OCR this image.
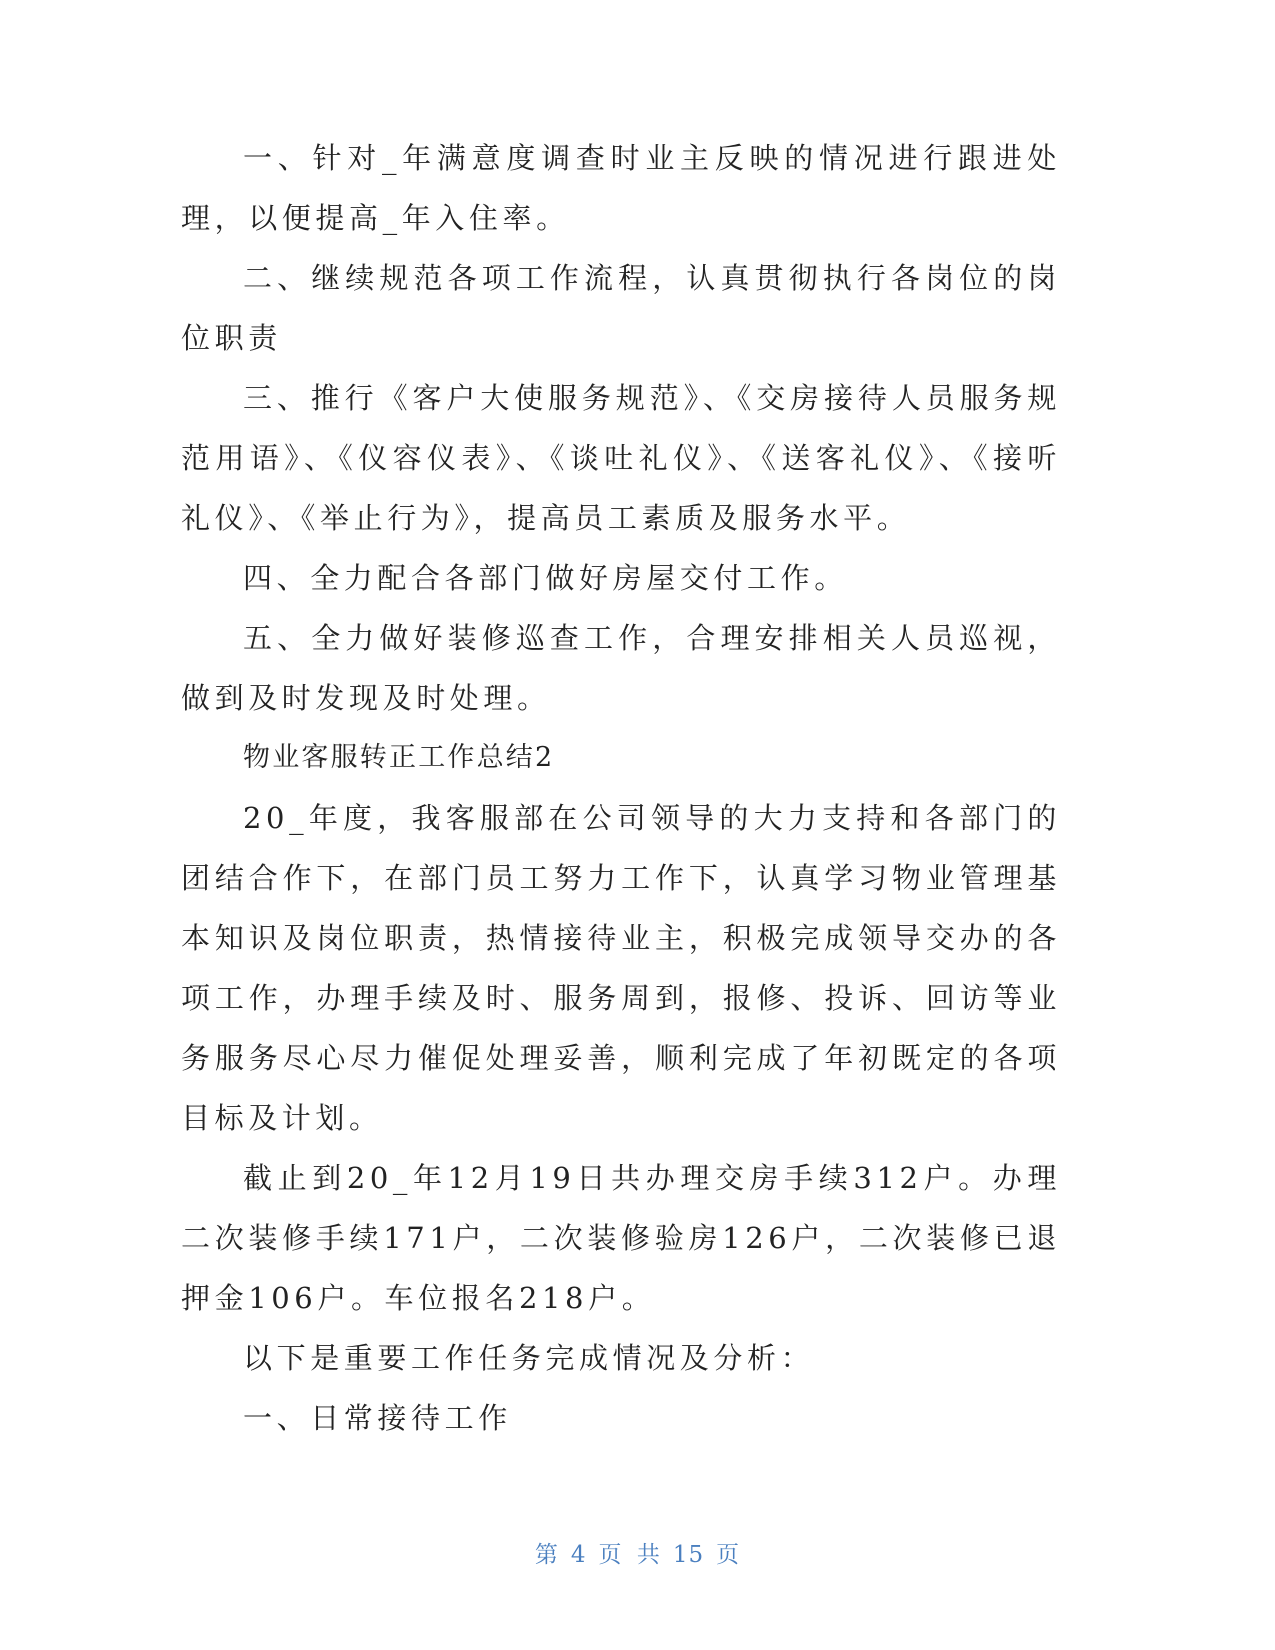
一、针对_年满意度调查时业主反映的情况进行跟进处理，以便提高_年入住率。

二、继续规范各项工作流程，认真贯彻执行各岗位的岗位职责

三、推行《客户大使服务规范》、《交房接待人员服务规范用语》、《仪容仪表》、《谈吐礼仪》、《送客礼仪》、《接听礼仪》、《举止行为》，提高员工素质及服务水平。

四、全力配合各部门做好房屋交付工作。

五、全力做好装修巡查工作，合理安排相关人员巡视，做到及时发现及时处理。

物业客服转正工作总结2

20_年度，我客服部在公司领导的大力支持和各部门的团结合作下，在部门员工努力工作下，认真学习物业管理基本知识及岗位职责，热情接待业主，积极完成领导交办的各项工作，办理手续及时、服务周到，报修、投诉、回访等业务服务尽心尽力催促处理妥善，顺利完成了年初既定的各项目标及计划。

截止到20_年12月19日共办理交房手续312户。办理二次装修手续171户，二次装修验房126户，二次装修已退押金106户。车位报名218户。

以下是重要工作任务完成情况及分析：

一、日常接待工作

第 4 页 共 15 页
